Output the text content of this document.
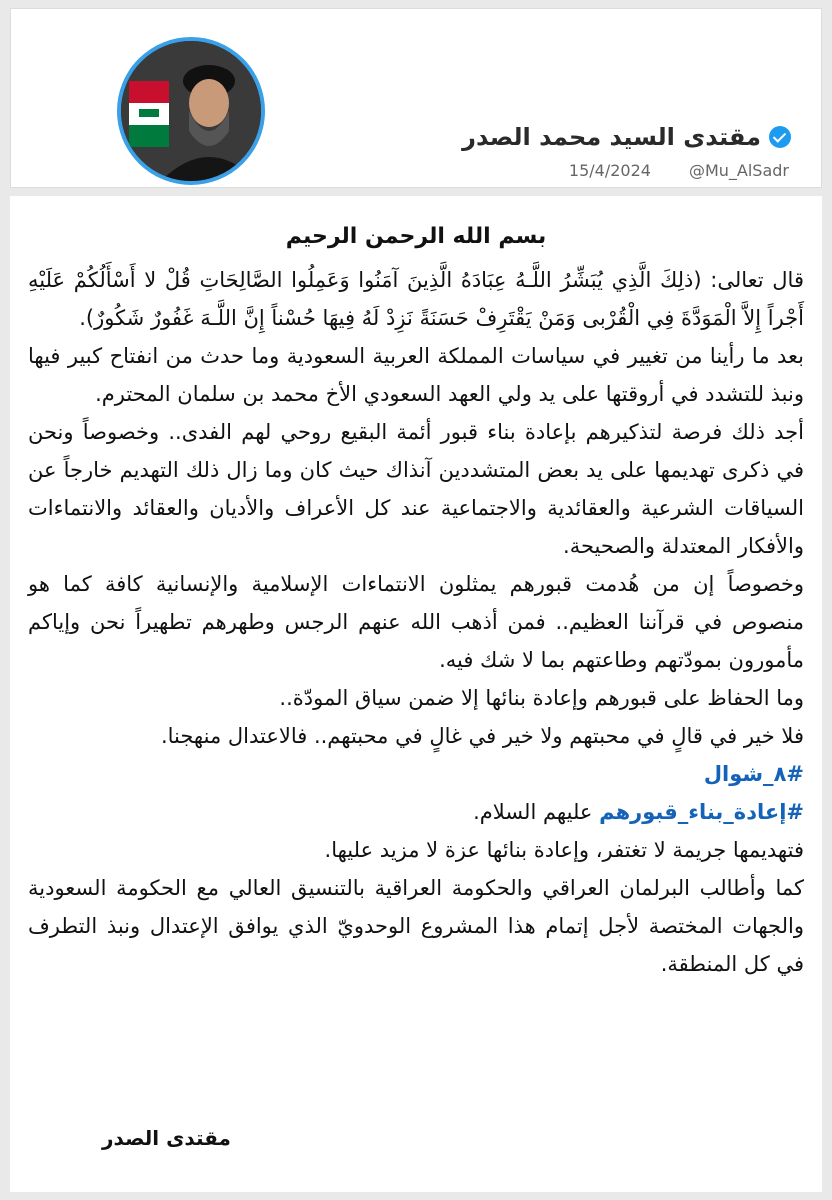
مقتدى السيد محمد الصدر
15/4/2024 @Mu_AlSadr

بسم الله الرحمن الرحيم

قال تعالى: (ذلِكَ الَّذِي يُبَشِّرُ اللَّـهُ عِبَادَهُ الَّذِينَ آمَنُوا وَعَمِلُوا الصَّالِحَاتِ قُلْ لا أَسْأَلُكُمْ عَلَيْهِ أَجْراً إِلاَّ الْمَوَدَّةَ فِي الْقُرْبى وَمَنْ يَقْتَرِفْ حَسَنَةً نَزِدْ لَهُ فِيهَا حُسْناً إِنَّ اللَّـهَ غَفُورٌ شَكُورٌ).

بعد ما رأينا من تغيير في سياسات المملكة العربية السعودية وما حدث من انفتاح كبير فيها ونبذ للتشدد في أروقتها على يد ولي العهد السعودي الأخ محمد بن سلمان المحترم.

أجد ذلك فرصة لتذكيرهم بإعادة بناء قبور أئمة البقيع روحي لهم الفدى.. وخصوصاً ونحن في ذكرى تهديمها على يد بعض المتشددين آنذاك حيث كان وما زال ذلك التهديم خارجاً عن السياقات الشرعية والعقائدية والاجتماعية عند كل الأعراف والأديان والعقائد والانتماءات والأفكار المعتدلة والصحيحة.

وخصوصاً إن من هُدمت قبورهم يمثلون الانتماءات الإسلامية والإنسانية كافة كما هو منصوص في قرآننا العظيم.. فمن أذهب الله عنهم الرجس وطهرهم تطهيراً نحن وإياكم مأمورون بمودّتهم وطاعتهم بما لا شك فيه.

وما الحفاظ على قبورهم وإعادة بنائها إلا ضمن سياق المودّة..

فلا خير في قالٍ في محبتهم ولا خير في غالٍ في محبتهم.. فالاعتدال منهجنا.

#٨_شوال

#إعادة_بناء_قبورهم عليهم السلام.

فتهديمها جريمة لا تغتفر، وإعادة بنائها عزة لا مزيد عليها.

كما وأطالب البرلمان العراقي والحكومة العراقية بالتنسيق العالي مع الحكومة السعودية والجهات المختصة لأجل إتمام هذا المشروع الوحدويّ الذي يوافق الإعتدال ونبذ التطرف في كل المنطقة.

مقتدى الصدر
